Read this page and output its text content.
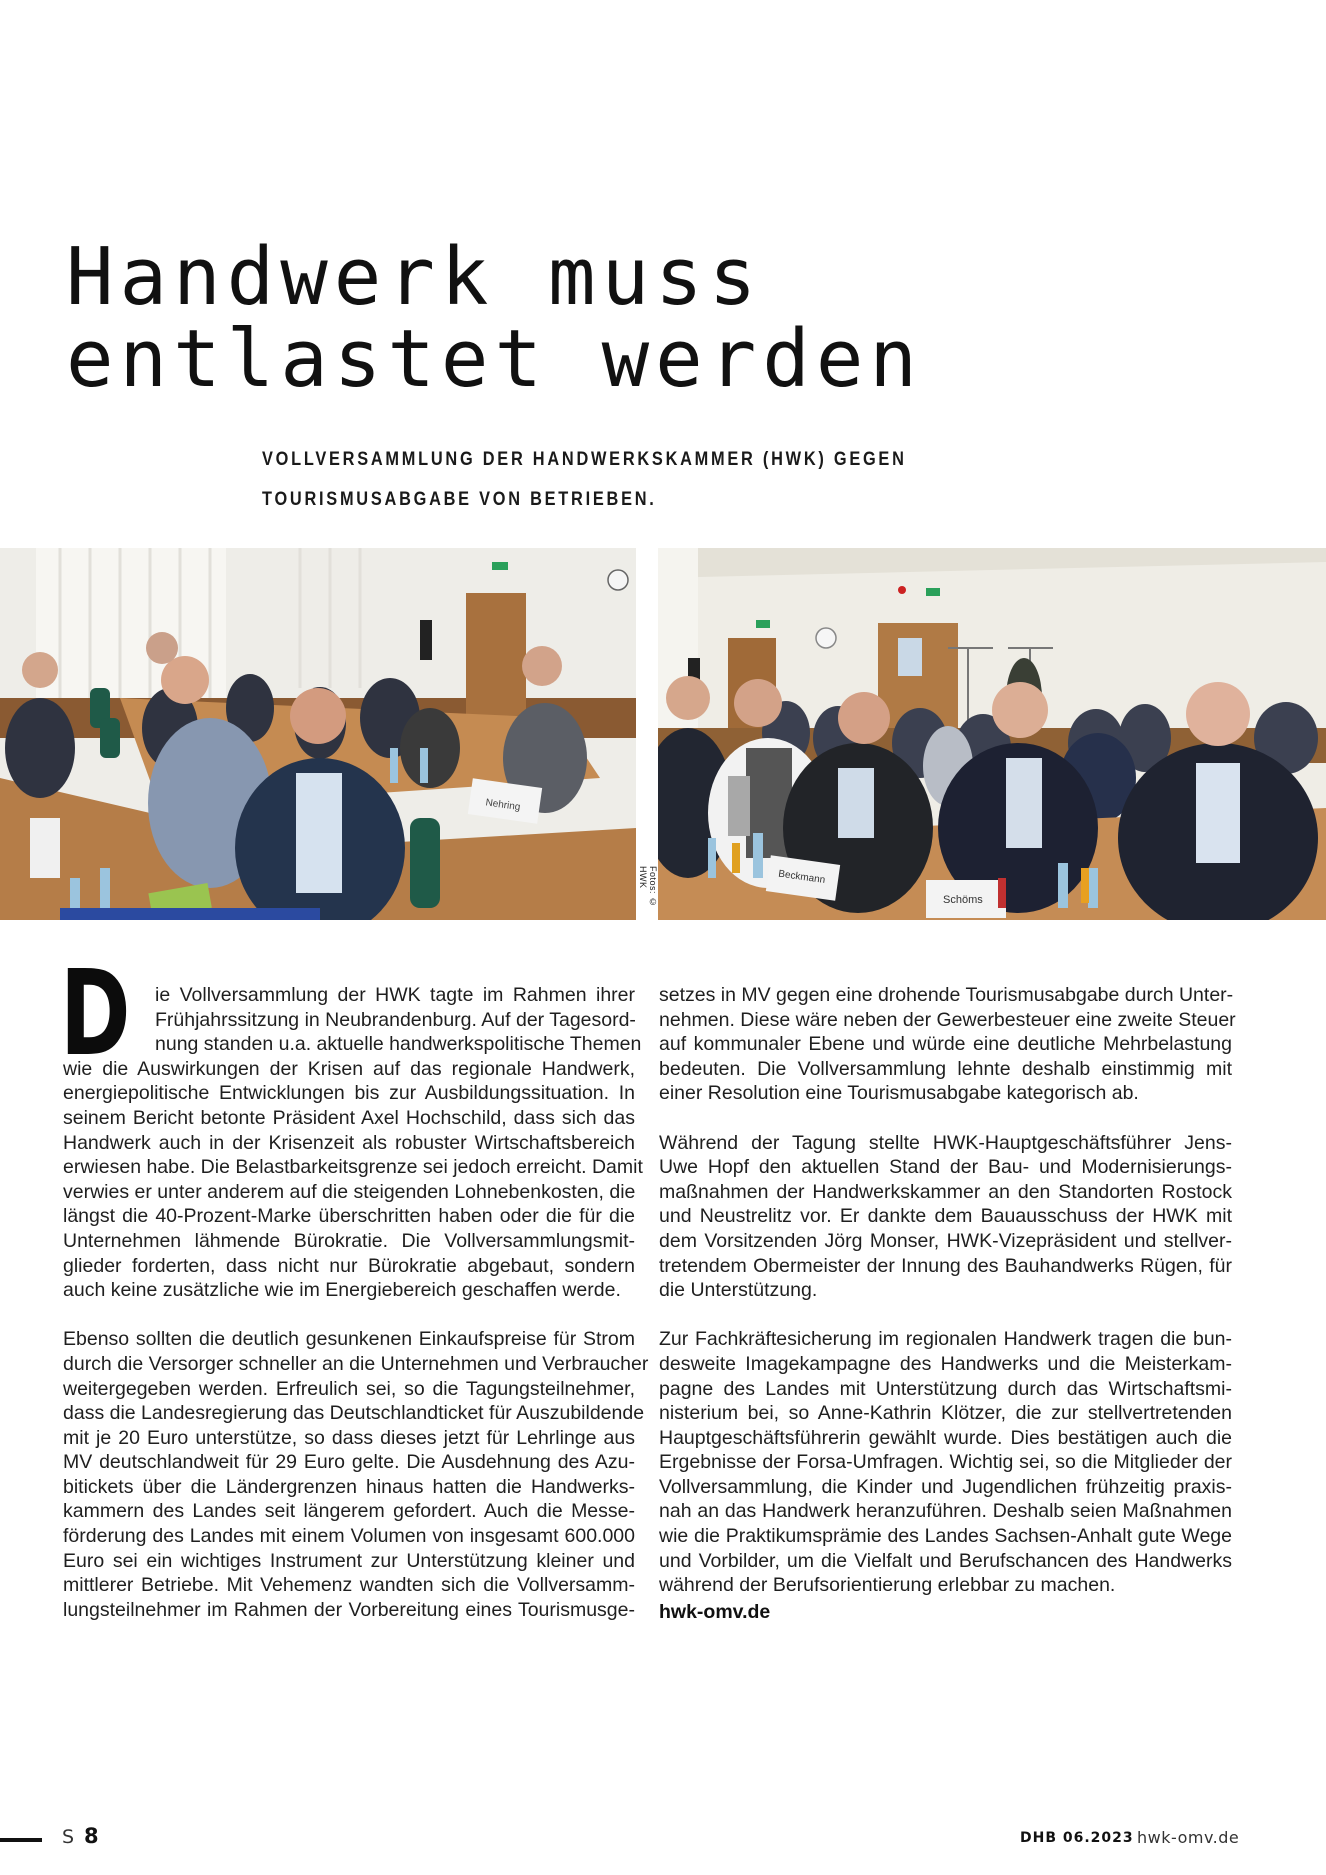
Handwerk muss
entlastet werden
VOLLVERSAMMLUNG DER HANDWERKSKAMMER (HWK) GEGEN
TOURISMUSABGABE VON BETRIEBEN.
Nehring
Fotos: © HWK	Beckmann
Schöms
D	ie Vollversammlung der HWK tagte im Rahmen ihrer
Frühjahrssitzung in Neubrandenburg. Auf der Tagesord-
nung standen u.a. aktuelle handwerkspolitische Themen
wie die Auswirkungen der Krisen auf das regionale Handwerk,
energiepolitische Entwicklungen bis zur Ausbildungssituation. In
seinem Bericht betonte Präsident Axel Hochschild, dass sich das
Handwerk auch in der Krisenzeit als robuster Wirtschaftsbereich
erwiesen habe. Die Belastbarkeitsgrenze sei jedoch erreicht. Damit
verwies er unter anderem auf die steigenden Lohnebenkosten, die
längst die 40-Prozent-Marke überschritten haben oder die für die
Unternehmen lähmende Bürokratie. Die Vollversammlungsmit-
glieder forderten, dass nicht nur Bürokratie abgebaut, sondern
auch keine zusätzliche wie im Energiebereich geschaffen werde.
Ebenso sollten die deutlich gesunkenen Einkaufspreise für Strom
durch die Versorger schneller an die Unternehmen und Verbraucher
weitergegeben werden. Erfreulich sei, so die Tagungsteilnehmer,
dass die Landesregierung das Deutschlandticket für Auszubildende
mit je 20 Euro unterstütze, so dass dieses jetzt für Lehrlinge aus
MV deutschlandweit für 29 Euro gelte. Die Ausdehnung des Azu-
bitickets über die Ländergrenzen hinaus hatten die Handwerks-
kammern des Landes seit längerem gefordert. Auch die Messe-
förderung des Landes mit einem Volumen von insgesamt 600.000
Euro sei ein wichtiges Instrument zur Unterstützung kleiner und
mittlerer Betriebe. Mit Vehemenz wandten sich die Vollversamm-
lungsteilnehmer im Rahmen der Vorbereitung eines Tourismusge-
setzes in MV gegen eine drohende Tourismusabgabe durch Unter-
nehmen. Diese wäre neben der Gewerbesteuer eine zweite Steuer
auf kommunaler Ebene und würde eine deutliche Mehrbelastung
bedeuten. Die Vollversammlung lehnte deshalb einstimmig mit
einer Resolution eine Tourismusabgabe kategorisch ab.
Während der Tagung stellte HWK-Hauptgeschäftsführer Jens-
Uwe Hopf den aktuellen Stand der Bau- und Modernisierungs-
maßnahmen der Handwerkskammer an den Standorten Rostock
und Neustrelitz vor. Er dankte dem Bauausschuss der HWK mit
dem Vorsitzenden Jörg Monser, HWK-Vizepräsident und stellver-
tretendem Obermeister der Innung des Bauhandwerks Rügen, für
die Unterstützung.
Zur Fachkräftesicherung im regionalen Handwerk tragen die bun-
desweite Imagekampagne des Handwerks und die Meisterkam-
pagne des Landes mit Unterstützung durch das Wirtschaftsmi-
nisterium bei, so Anne-Kathrin Klötzer, die zur stellvertretenden
Hauptgeschäftsführerin gewählt wurde. Dies bestätigen auch die
Ergebnisse der Forsa-Umfragen. Wichtig sei, so die Mitglieder der
Vollversammlung, die Kinder und Jugendlichen frühzeitig praxis-
nah an das Handwerk heranzuführen. Deshalb seien Maßnahmen
wie die Praktikumsprämie des Landes Sachsen-Anhalt gute Wege
und Vorbilder, um die Vielfalt und Berufschancen des Handwerks
während der Berufsorientierung erlebbar zu machen.
hwk-omv.de
S 8	DHB 06.2023 hwk-omv.de
